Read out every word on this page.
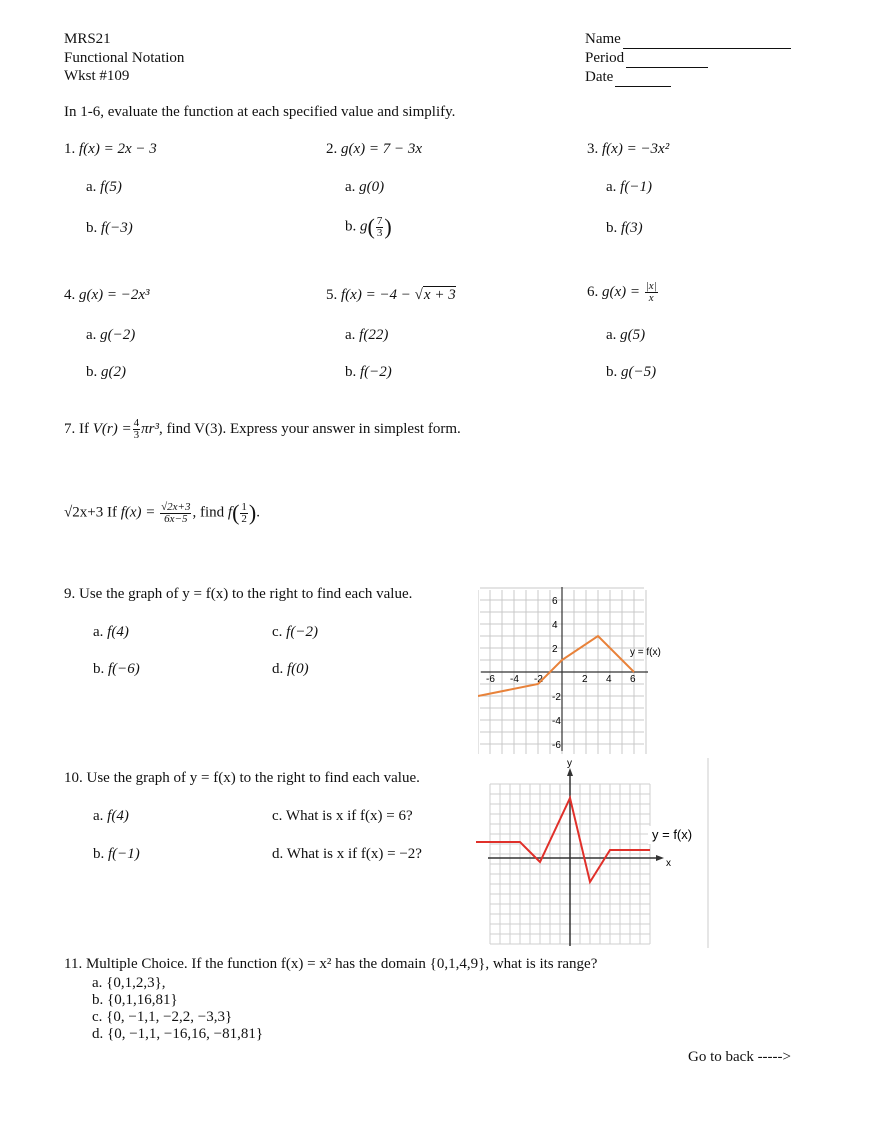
MRS21
Functional Notation
Wkst #109
Name
Period
Date
In 1-6, evaluate the function at each specified value and simplify.
1. f(x) = 2x − 3
a. f(5)
b. f(−3)
2. g(x) = 7 − 3x
a. g(0)
b. $g( \frac{7}{3}$ )
3. f(x) = −3x²
a. f(−1)
b. f(3)
4. g(x) = −2x³
a. g(−2)
b. g(2)
5. f(x) = −4 − √x + 3
a. f(22)
b. f(−2)
6. $g(x) = \frac{|x|}{x}$
a. g(5)
b. g(−5)
7. If $V(r) = \frac{4}{3} \pi r^3$, find V(3). Express your answer in simplest form.
√2x+3 If $f(x) = \frac{√2x+3}{6x-5}$ , find $f( \frac{1}{2}$ ).
9. Use the graph of y = f(x) to the right to find each value.
a. f(4)
b. f(−6)
c. f(−2)
d. f(0)
-6 -4 -2	2 4 6
6
4
2
-2
-4
-6
y = f(x)
10. Use the graph of y = f(x) to the right to find each value.
a. f(4)
b. f(−1)
c. What is x if f(x) = 6?
d. What is x if f(x) = −2?
x
y
y = f(x)
11. Multiple Choice. If the function f(x) = x² has the domain {0,1,4,9}, what is its range?
a. {0,1,2,3},
b. {0,1,16,81}
c. {0, −1,1, −2,2, −3,3}
d. {0, −1,1, −16,16, −81,81}
Go to back ----->
